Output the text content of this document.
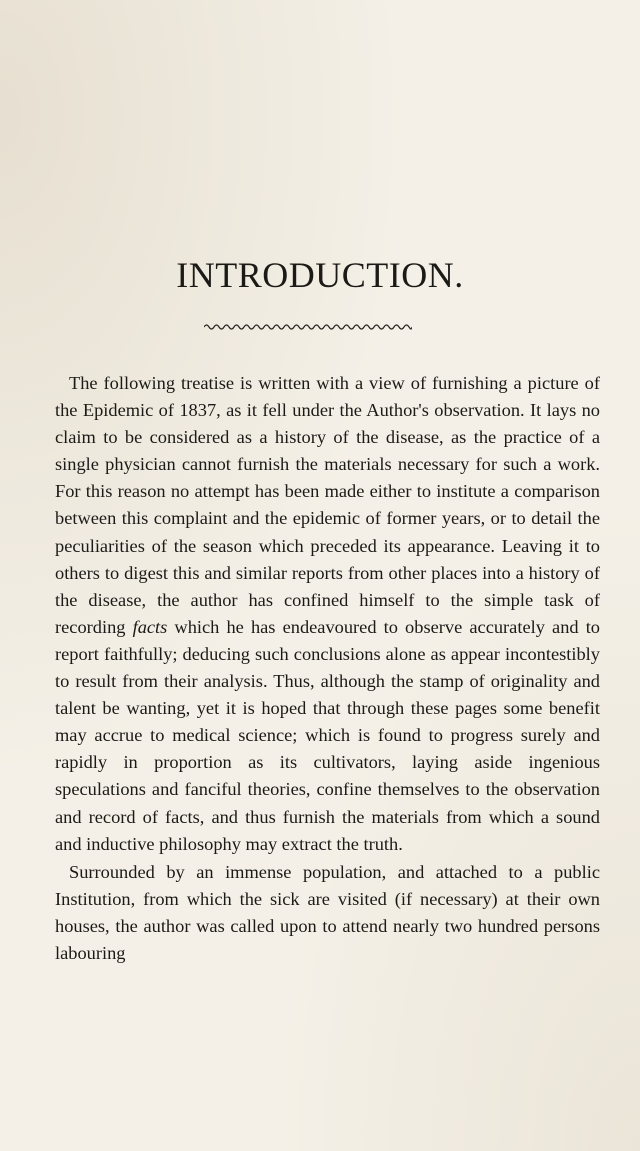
INTRODUCTION.

The following treatise is written with a view of furnishing a picture of the Epidemic of 1837, as it fell under the Author's observation. It lays no claim to be considered as a history of the disease, as the practice of a single physician cannot furnish the materials necessary for such a work. For this reason no attempt has been made either to institute a comparison between this complaint and the epidemic of former years, or to detail the peculiarities of the season which preceded its appearance. Leaving it to others to digest this and similar reports from other places into a history of the disease, the author has confined himself to the simple task of recording facts which he has endeavoured to observe accurately and to report faithfully; deducing such conclusions alone as appear incontestibly to result from their analysis. Thus, although the stamp of originality and talent be wanting, yet it is hoped that through these pages some benefit may accrue to medical science; which is found to progress surely and rapidly in proportion as its cultivators, laying aside ingenious speculations and fanciful theories, confine themselves to the observation and record of facts, and thus furnish the materials from which a sound and inductive philosophy may extract the truth.

Surrounded by an immense population, and attached to a public Institution, from which the sick are visited (if necessary) at their own houses, the author was called upon to attend nearly two hundred persons labouring
